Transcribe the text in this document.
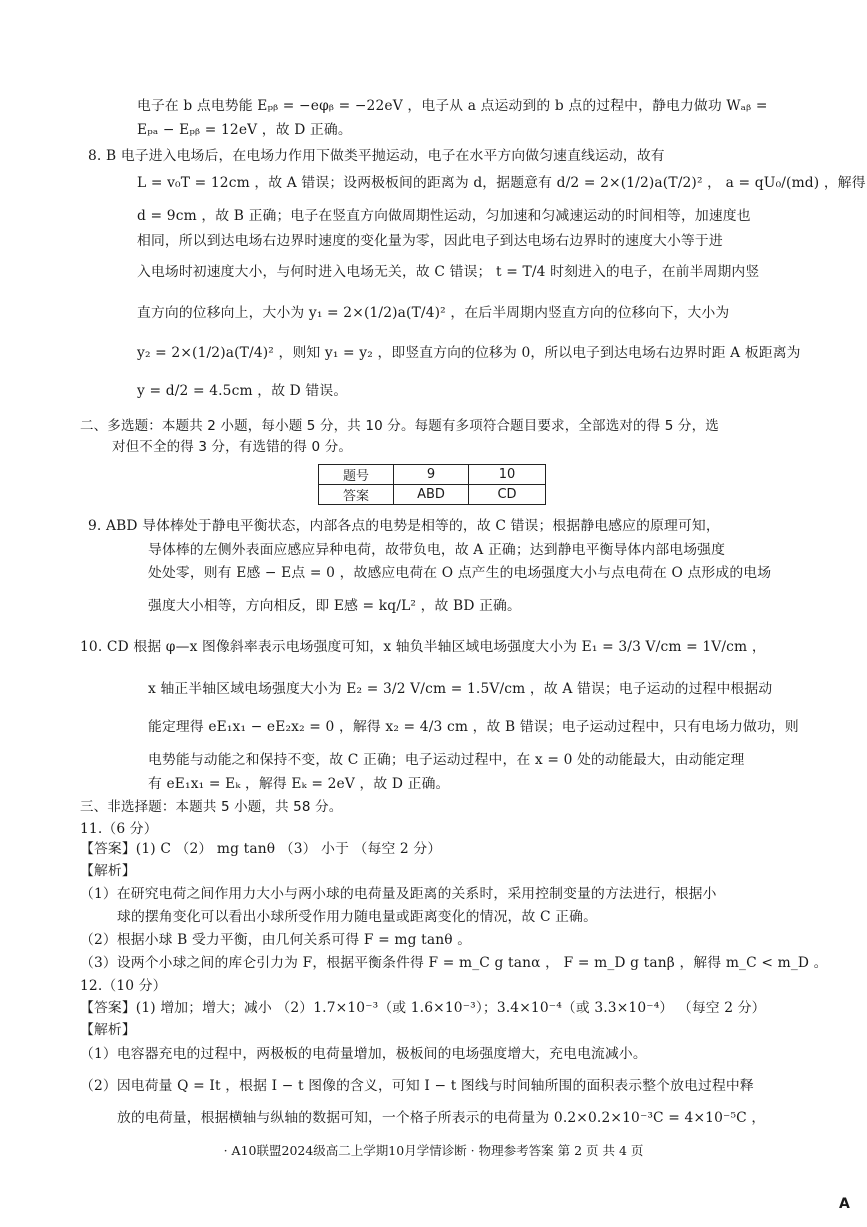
电子在 b 点电势能 Eₚᵦ = −eφᵦ = −22eV ，电子从 a 点运动到的 b 点的过程中，静电力做功 Wₐᵦ =
Eₚₐ − Eₚᵦ = 12eV ，故 D 正确。
8. B 电子进入电场后，在电场力作用下做类平抛运动，电子在水平方向做匀速直线运动，故有
L = v₀T = 12cm ，故 A 错误；设两极板间的距离为 d，据题意有 d/2 = 2×(1/2)a(T/2)² ， a = qU₀/(md) ，解得
d = 9cm ，故 B 正确；电子在竖直方向做周期性运动，匀加速和匀减速运动的时间相等，加速度也
相同，所以到达电场右边界时速度的变化量为零，因此电子到达电场右边界时的速度大小等于进
入电场时初速度大小，与何时进入电场无关，故 C 错误； t = T/4 时刻进入的电子，在前半周期内竖
直方向的位移向上，大小为 y₁ = 2×(1/2)a(T/4)² ，在后半周期内竖直方向的位移向下，大小为
y₂ = 2×(1/2)a(T/4)² ，则知 y₁ = y₂ ，即竖直方向的位移为 0，所以电子到达电场右边界时距 A 板距离为
y = d/2 = 4.5cm ，故 D 错误。
二、多选题：本题共 2 小题，每小题 5 分，共 10 分。每题有多项符合题目要求，全部选对的得 5 分，选
对但不全的得 3 分，有选错的得 0 分。
9. ABD 导体棒处于静电平衡状态，内部各点的电势是相等的，故 C 错误；根据静电感应的原理可知，
导体棒的左侧外表面应感应异种电荷，故带负电，故 A 正确；达到静电平衡导体内部电场强度
处处零，则有 E感 − E点 = 0 ，故感应电荷在 O 点产生的电场强度大小与点电荷在 O 点形成的电场
强度大小相等，方向相反，即 E感 = kq/L² ，故 BD 正确。
10. CD 根据 φ—x 图像斜率表示电场强度可知，x 轴负半轴区域电场强度大小为 E₁ = 3/3 V/cm = 1V/cm ，
x 轴正半轴区域电场强度大小为 E₂ = 3/2 V/cm = 1.5V/cm ，故 A 错误；电子运动的过程中根据动
能定理得 eE₁x₁ − eE₂x₂ = 0 ，解得 x₂ = 4/3 cm ，故 B 错误；电子运动过程中，只有电场力做功，则
电势能与动能之和保持不变，故 C 正确；电子运动过程中，在 x = 0 处的动能最大，由动能定理
有 eE₁x₁ = Eₖ ，解得 Eₖ = 2eV ，故 D 正确。
三、非选择题：本题共 5 小题，共 58 分。
11.（6 分）
【答案】(1) C （2） mg tanθ （3） 小于 （每空 2 分）
【解析】
（1）在研究电荷之间作用力大小与两小球的电荷量及距离的关系时，采用控制变量的方法进行，根据小
球的摆角变化可以看出小球所受作用力随电量或距离变化的情况，故 C 正确。
（2）根据小球 B 受力平衡，由几何关系可得 F = mg tanθ 。
（3）设两个小球之间的库仑引力为 F，根据平衡条件得 F = m_C g tanα ， F = m_D g tanβ ，解得 m_C < m_D 。
12.（10 分）
【答案】(1) 增加；增大；减小 （2）1.7×10⁻³（或 1.6×10⁻³）；3.4×10⁻⁴（或 3.3×10⁻⁴） （每空 2 分）
【解析】
（1）电容器充电的过程中，两极板的电荷量增加，极板间的电场强度增大，充电电流减小。
（2）因电荷量 Q = It ，根据 I − t 图像的含义，可知 I − t 图线与时间轴所围的面积表示整个放电过程中释
放的电荷量，根据横轴与纵轴的数据可知，一个格子所表示的电荷量为 0.2×0.2×10⁻³C = 4×10⁻⁵C ，
题号	9	10
答案	ABD	CD
· A10联盟2024级高二上学期10月学情诊断 · 物理参考答案 第 2 页 共 4 页
A
